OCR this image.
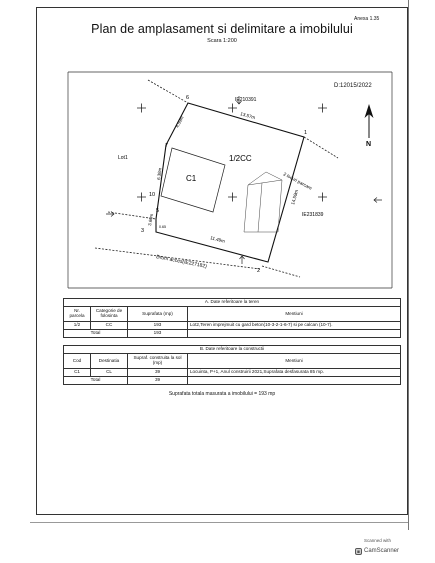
Anexa 1.35
Plan de amplasament si delimitare a imobilului
Scara 1:200
D:12015/2022
N
IE210391
IE231839
Lot1	1/2CC
C1	2 locuri parcare
Drum acces(IE227182)
6
1
2
3
7
10
5
13.57m
14.59m
11.49m
4.59m
6.38m
3.60m
0.65
A. Date referitoare la teren			
Nr. parcela	Categorie de folosinta	Suprafata (mp)	Mentiuni
1/2	CC	193	Lot2,Teren imprejmuit cu gard beton(10-3-2-1-6-7) si pe calcan (10-7).
Total		193	
B. Date referitoare la constructii			
Cod	Destinatia	Supraf. construita la sol (mp)	Mentiuni
C1	CL	39	Locuinta, P+1, Anul construirii 2021,Suprafata desfasurata 85 mp.
Total		39	
Suprafata totala masurata a imobilului = 193 mp
Scanned with
▣ CamScanner
